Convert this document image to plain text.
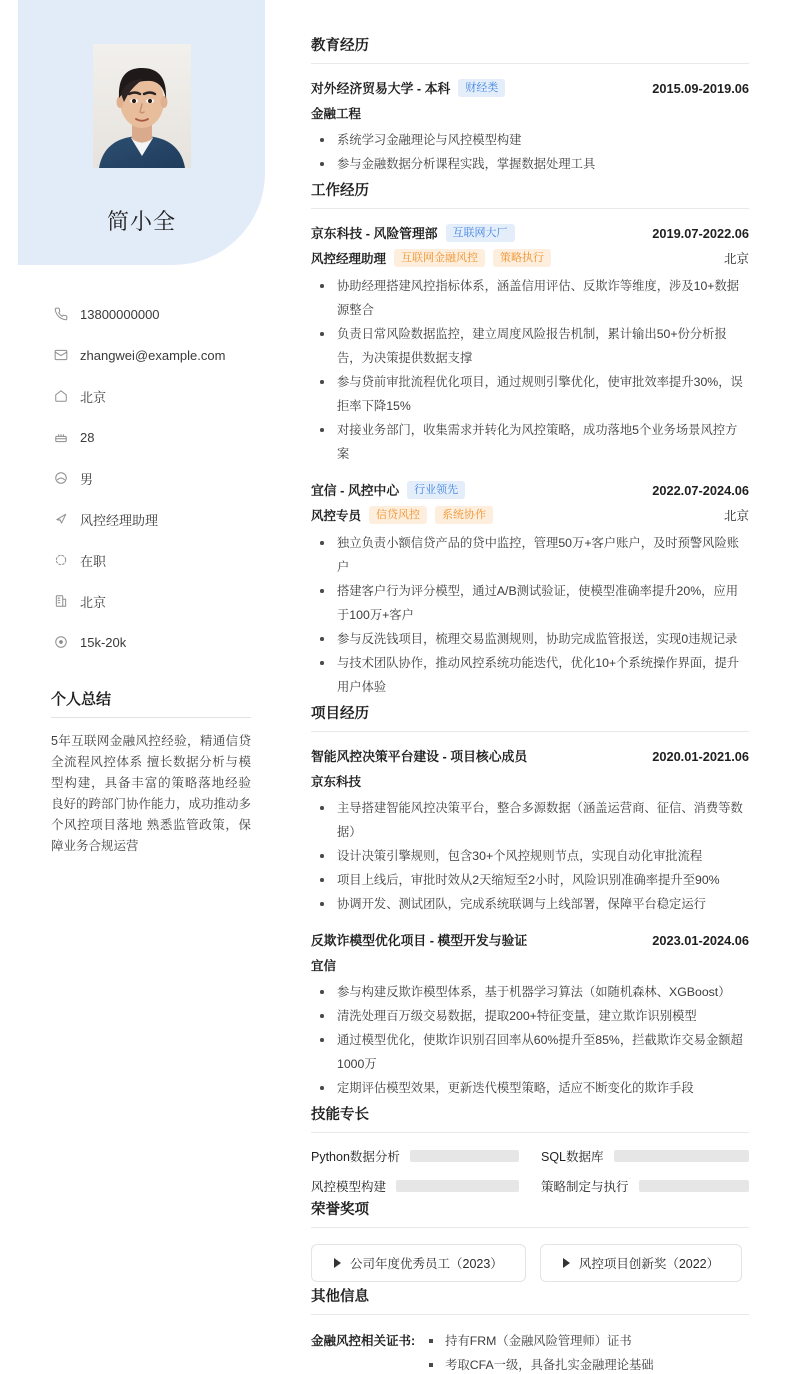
简小全
13800000000
zhangwei@example.com
北京
28
男
风控经理助理
在职
北京
15k-20k
个人总结
5年互联网金融风控经验，精通信贷全流程风控体系 擅长数据分析与模型构建，具备丰富的策略落地经验 良好的跨部门协作能力，成功推动多个风控项目落地 熟悉监管政策，保障业务合规运营
教育经历
对外经济贸易大学 - 本科	财经类	2015.09-2019.06
金融工程
系统学习金融理论与风控模型构建
参与金融数据分析课程实践，掌握数据处理工具
工作经历
京东科技 - 风险管理部	互联网大厂	2019.07-2022.06
风控经理助理	互联网金融风控	策略执行	北京
协助经理搭建风控指标体系，涵盖信用评估、反欺诈等维度，涉及10+数据源整合
负责日常风险数据监控，建立周度风险报告机制，累计输出50+份分析报告，为决策提供数据支撑
参与贷前审批流程优化项目，通过规则引擎优化，使审批效率提升30%，误拒率下降15%
对接业务部门，收集需求并转化为风控策略，成功落地5个业务场景风控方案
宜信 - 风控中心	行业领先	2022.07-2024.06
风控专员	信贷风控	系统协作	北京
独立负责小额信贷产品的贷中监控，管理50万+客户账户，及时预警风险账户
搭建客户行为评分模型，通过A/B测试验证，使模型准确率提升20%，应用于100万+客户
参与反洗钱项目，梳理交易监测规则，协助完成监管报送，实现0违规记录
与技术团队协作，推动风控系统功能迭代，优化10+个系统操作界面，提升用户体验
项目经历
智能风控决策平台建设 - 项目核心成员	2020.01-2021.06
京东科技
主导搭建智能风控决策平台，整合多源数据（涵盖运营商、征信、消费等数据）
设计决策引擎规则，包含30+个风控规则节点，实现自动化审批流程
项目上线后，审批时效从2天缩短至2小时，风险识别准确率提升至90%
协调开发、测试团队，完成系统联调与上线部署，保障平台稳定运行
反欺诈模型优化项目 - 模型开发与验证	2023.01-2024.06
宜信
参与构建反欺诈模型体系，基于机器学习算法（如随机森林、XGBoost）
清洗处理百万级交易数据，提取200+特征变量，建立欺诈识别模型
通过模型优化，使欺诈识别召回率从60%提升至85%，拦截欺诈交易金额超1000万
定期评估模型效果，更新迭代模型策略，适应不断变化的欺诈手段
技能专长
Python数据分析	SQL数据库
风控模型构建	策略制定与执行
荣誉奖项
公司年度优秀员工（2023）	风控项目创新奖（2022）
其他信息
金融风控相关证书:	持有FRM（金融风险管理师）证书
考取CFA一级，具备扎实金融理论基础
